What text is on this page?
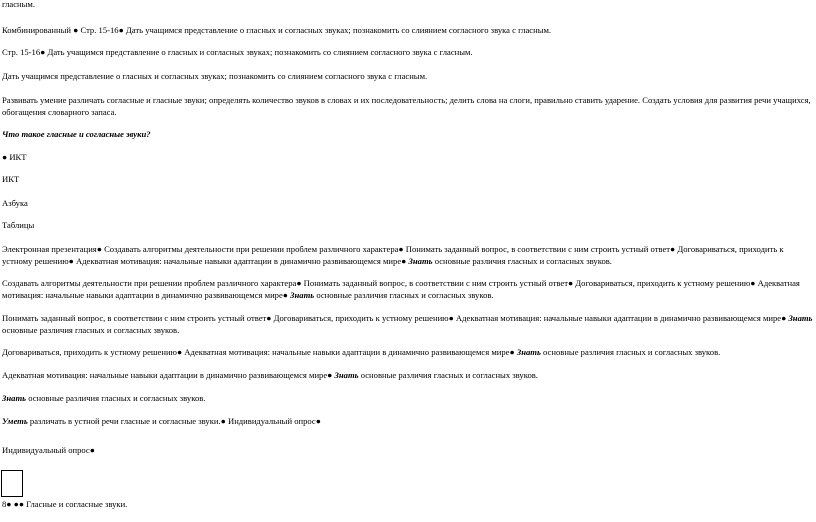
гласным.
Комбинированный ● Стр. 15-16● Дать учащимся представление о гласных и согласных звуках; познакомить со слиянием согласного звука с гласным.
Стр. 15-16● Дать учащимся представление о гласных и согласных звуках; познакомить со слиянием согласного звука с гласным.
Дать учащимся представление о гласных и согласных звуках; познакомить со слиянием согласного звука с гласным.
Развивать умение различать согласные и гласные звуки; определять количество звуков в словах и их последовательность; делить слова на слоги, правильно ставить ударение. Создать условия для развития речи учащихся, обогащения словарного запаса.
Что такое гласные и согласные звуки?
● ИКТ
ИКТ
Азбука
Таблицы
Электронная презентация● Создавать алгоритмы деятельности при решении проблем различного характера● Понимать заданный вопрос, в соответствии с ним строить устный ответ● Договариваться, приходить к устному решению● Адекватная мотивация: начальные навыки адаптации в динамично развивающемся мире● Знать основные различия гласных и согласных звуков.
Создавать алгоритмы деятельности при решении проблем различного характера● Понимать заданный вопрос, в соответствии с ним строить устный ответ● Договариваться, приходить к устному решению● Адекватная мотивация: начальные навыки адаптации в динамично развивающемся мире● Знать основные различия гласных и согласных звуков.
Понимать заданный вопрос, в соответствии с ним строить устный ответ● Договариваться, приходить к устному решению● Адекватная мотивация: начальные навыки адаптации в динамично развивающемся мире● Знать основные различия гласных и согласных звуков.
Договариваться, приходить к устному решению● Адекватная мотивация: начальные навыки адаптации в динамично развивающемся мире● Знать основные различия гласных и согласных звуков.
Адекватная мотивация: начальные навыки адаптации в динамично развивающемся мире● Знать основные различия гласных и согласных звуков.
Знать основные различия гласных и согласных звуков.
Уметь различать в устной речи гласные и согласные звуки.● Индивидуальный опрос●
Индивидуальный опрос●
8● ●● Гласные и согласные звуки.
